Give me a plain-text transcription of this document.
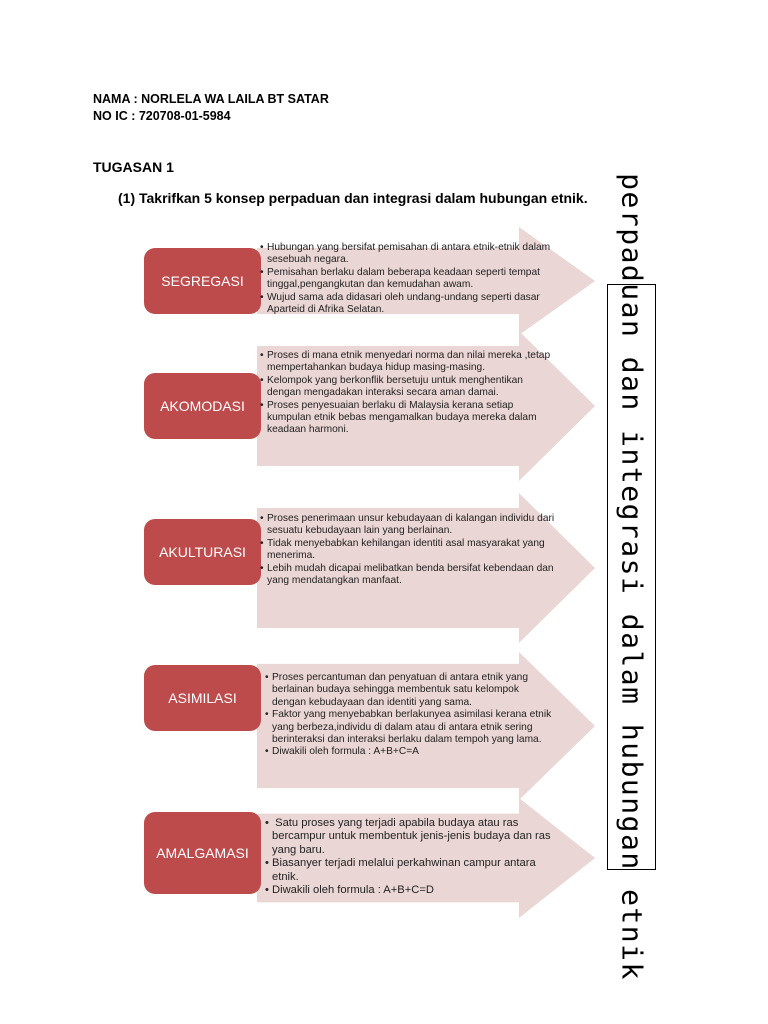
NAMA : NORLELA WA LAILA BT SATAR
NO IC : 720708-01-5984
TUGASAN 1
(1) Takrifkan 5 konsep perpaduan dan integrasi dalam hubungan etnik.
SEGREGASI
• Hubungan yang bersifat pemisahan di antara etnik-etnik dalam sesebuah negara.
• Pemisahan berlaku dalam beberapa keadaan seperti tempat tinggal,pengangkutan dan kemudahan awam.
• Wujud sama ada didasari oleh undang-undang seperti dasar Aparteid di Afrika Selatan.
AKOMODASI
• Proses di mana etnik menyedari norma dan nilai mereka ,tetap mempertahankan budaya hidup masing-masing.
• Kelompok yang berkonflik bersetuju untuk menghentikan dengan mengadakan interaksi secara aman damai.
• Proses penyesuaian berlaku di Malaysia kerana setiap kumpulan etnik bebas mengamalkan budaya mereka dalam keadaan harmoni.
AKULTURASI
• Proses penerimaan unsur kebudayaan di kalangan individu dari sesuatu kebudayaan lain yang berlainan.
• Tidak menyebabkan kehilangan identiti asal masyarakat yang menerima.
• Lebih mudah dicapai melibatkan benda bersifat kebendaan dan yang mendatangkan manfaat.
ASIMILASI
• Proses percantuman dan penyatuan di antara etnik yang berlainan budaya sehingga membentuk satu kelompok dengan kebudayaan dan identiti yang sama.
• Faktor yang menyebabkan berlakunyea asimilasi kerana etnik yang berbeza,individu di dalam atau di antara etnik sering berinteraksi dan interaksi berlaku dalam tempoh yang lama.
• Diwakili oleh formula : A+B+C=A
AMALGAMASI
• Satu proses yang terjadi apabila budaya atau ras bercampur untuk membentuk jenis-jenis budaya dan ras yang baru.
• Biasanyer terjadi melalui perkahwinan campur antara etnik.
• Diwakili oleh formula : A+B+C=D	perpaduan dan integrasi dalam hubungan etnik
